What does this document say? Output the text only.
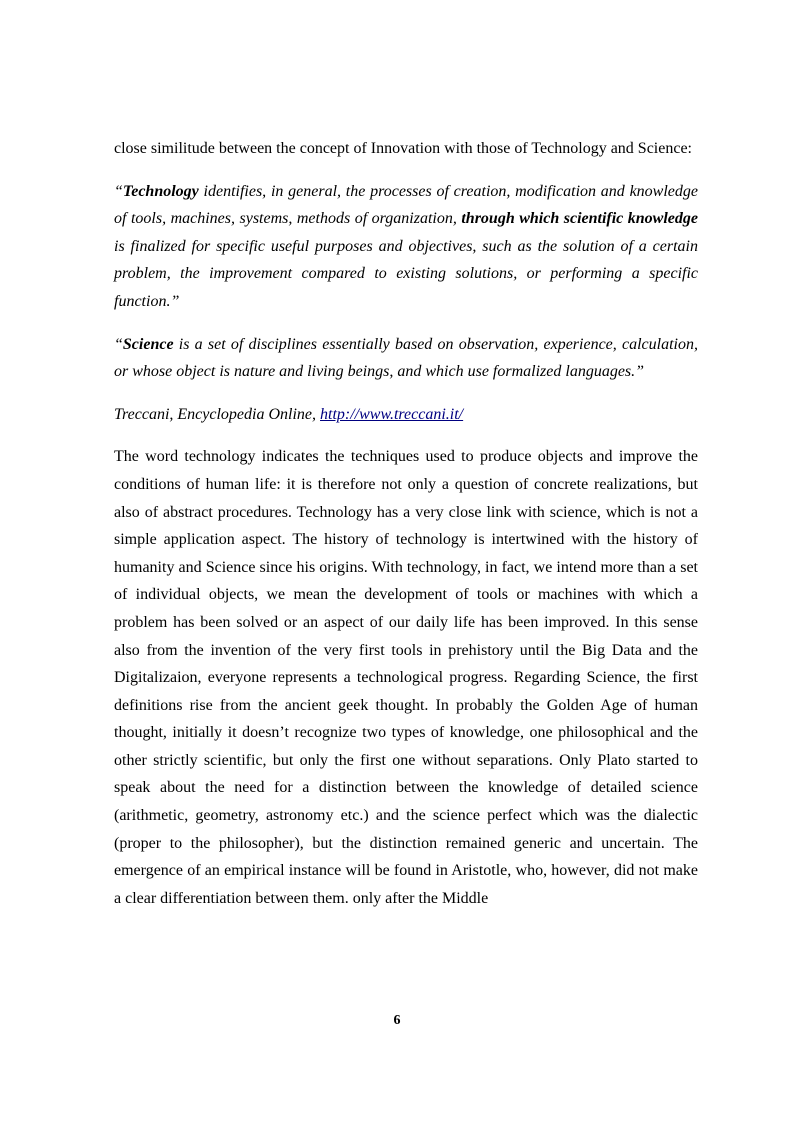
close similitude between the concept of Innovation with those of Technology and Science:

“Technology identifies, in general, the processes of creation, modification and knowledge of tools, machines, systems, methods of organization, through which scientific knowledge is finalized for specific useful purposes and objectives, such as the solution of a certain problem, the improvement compared to existing solutions, or performing a specific function.”

“Science is a set of disciplines essentially based on observation, experience, calculation, or whose object is nature and living beings, and which use formalized languages.”

Treccani, Encyclopedia Online, http://www.treccani.it/

The word technology indicates the techniques used to produce objects and improve the conditions of human life: it is therefore not only a question of concrete realizations, but also of abstract procedures. Technology has a very close link with science, which is not a simple application aspect. The history of technology is intertwined with the history of humanity and Science since his origins. With technology, in fact, we intend more than a set of individual objects, we mean the development of tools or machines with which a problem has been solved or an aspect of our daily life has been improved. In this sense also from the invention of the very first tools in prehistory until the Big Data and the Digitalizaion, everyone represents a technological progress. Regarding Science, the first definitions rise from the ancient geek thought. In probably the Golden Age of human thought, initially it doesn’t recognize two types of knowledge, one philosophical and the other strictly scientific, but only the first one without separations. Only Plato started to speak about the need for a distinction between the knowledge of detailed science (arithmetic, geometry, astronomy etc.) and the science perfect which was the dialectic (proper to the philosopher), but the distinction remained generic and uncertain. The emergence of an empirical instance will be found in Aristotle, who, however, did not make a clear differentiation between them. only after the Middle

6
